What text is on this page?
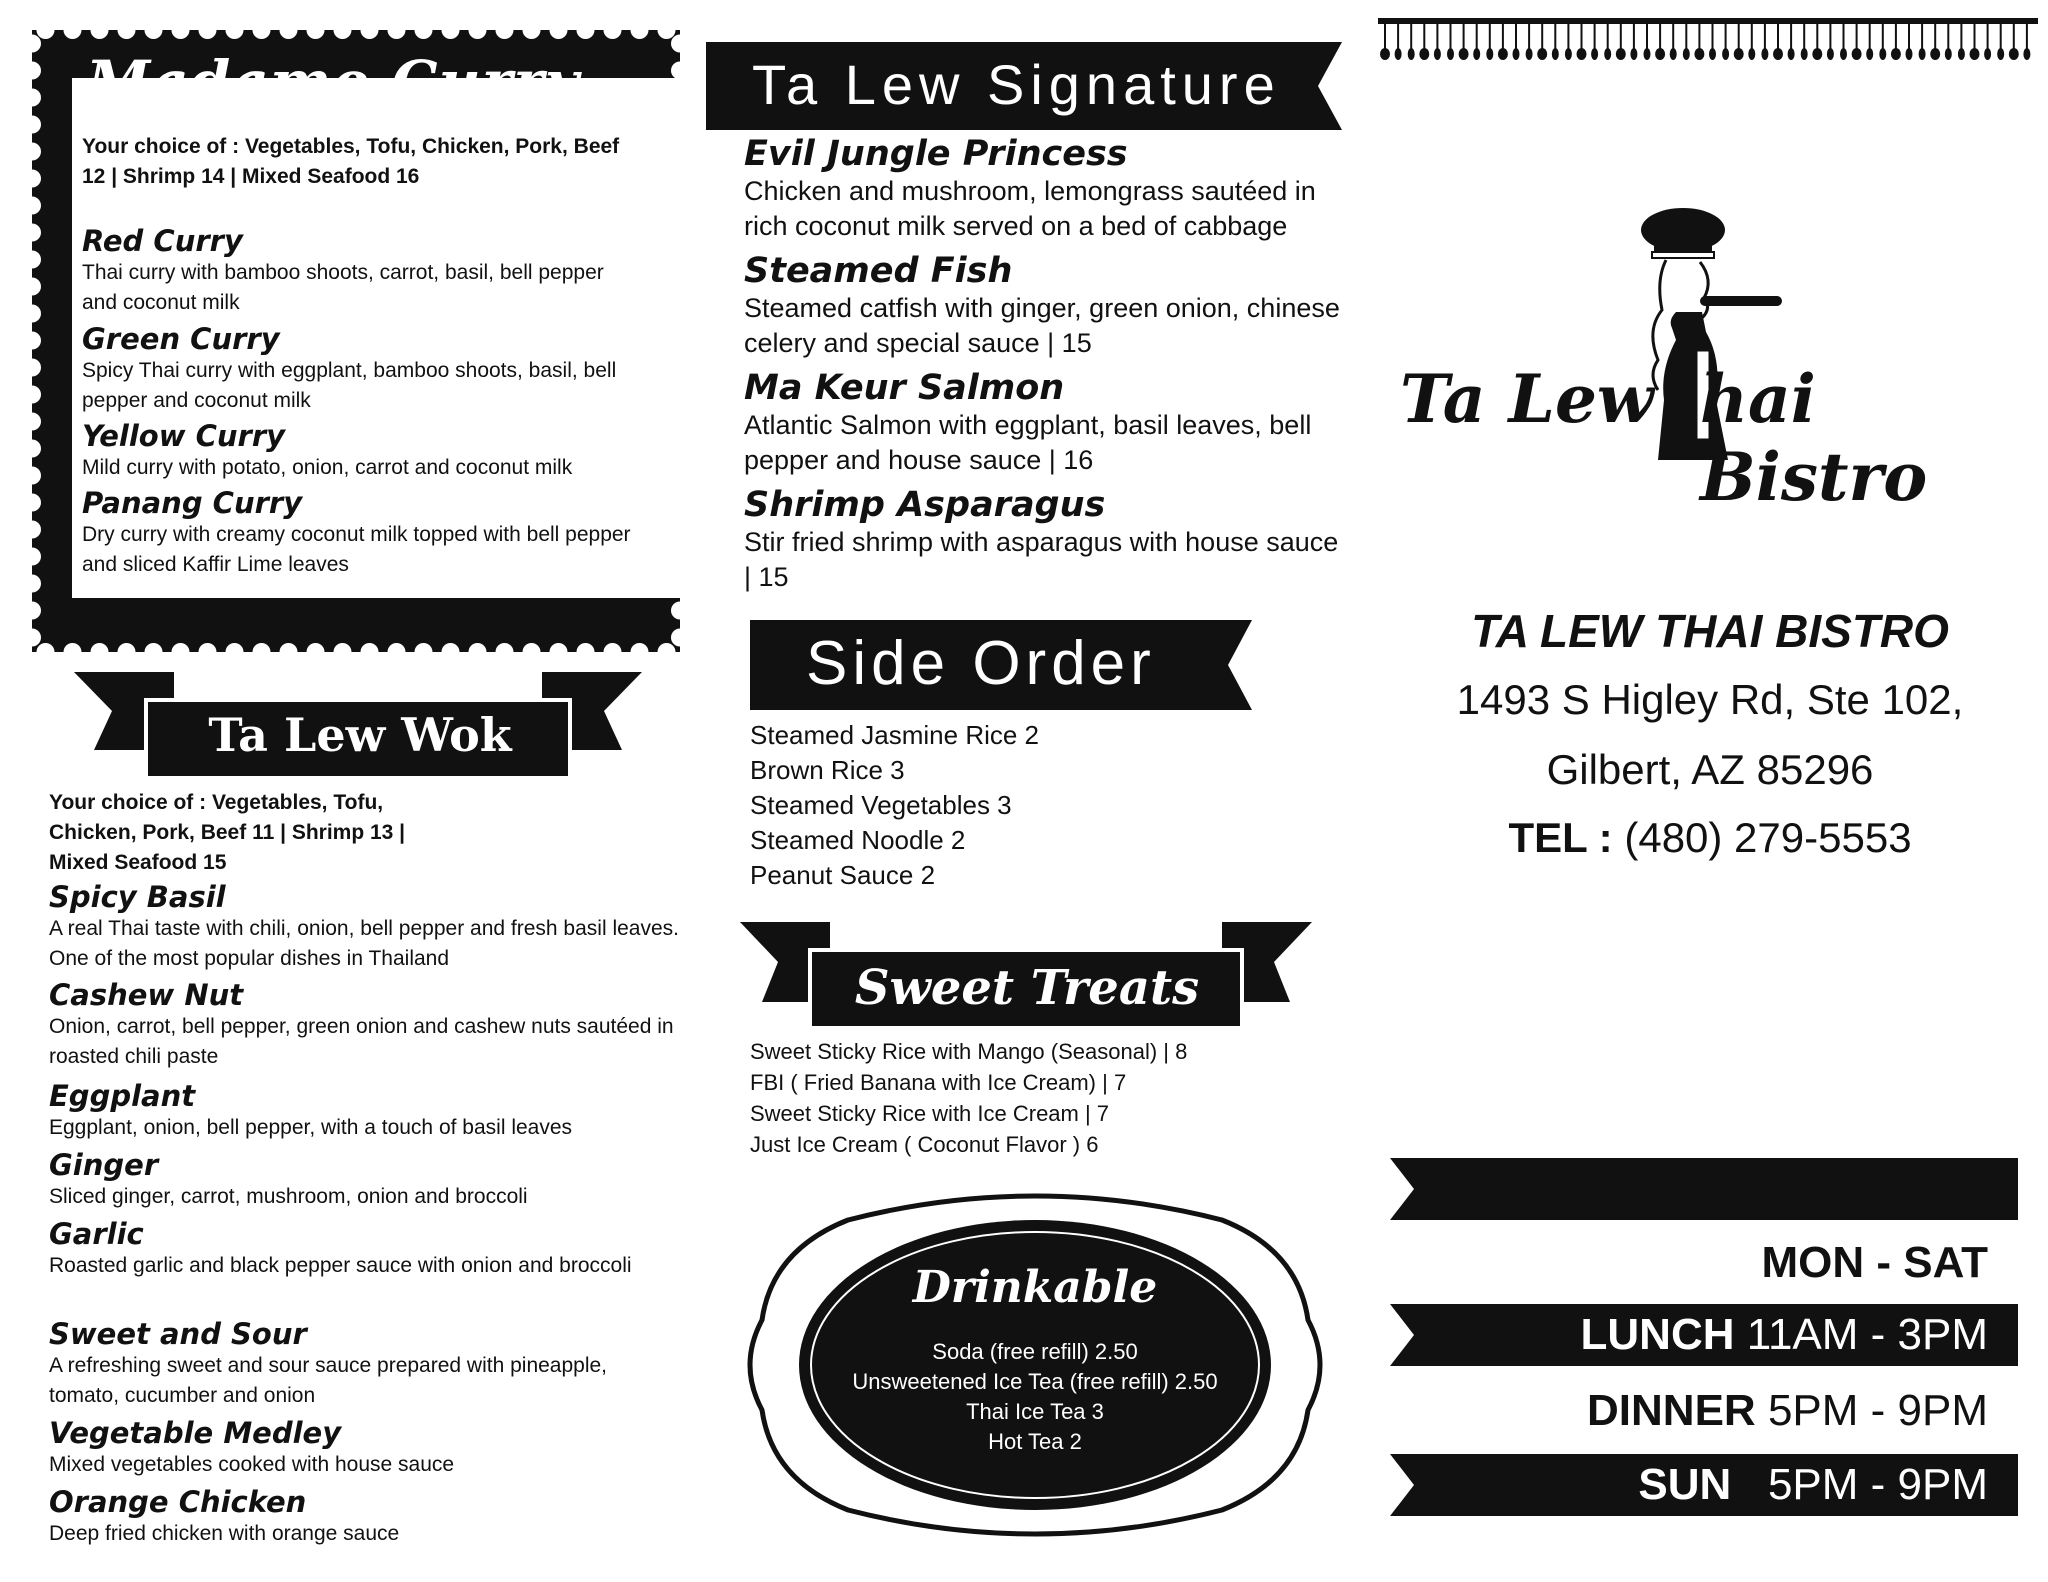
Madame Curry
Your choice of : Vegetables, Tofu, Chicken, Pork, Beef 12 | Shrimp 14 | Mixed Seafood 16
Red Curry
Thai curry with bamboo shoots, carrot, basil, bell pepper and coconut milk
Green Curry
Spicy Thai curry with eggplant, bamboo shoots, basil, bell pepper and coconut milk
Yellow Curry
Mild curry with potato, onion, carrot and coconut milk
Panang Curry
Dry curry with creamy coconut milk topped with bell pepper and sliced Kaffir Lime leaves
Ta Lew Wok
Your choice of : Vegetables, Tofu, Chicken, Pork, Beef 11 | Shrimp 13 | Mixed Seafood 15
Spicy Basil
A real Thai taste with chili, onion, bell pepper and fresh basil leaves. One of the most popular dishes in Thailand
Cashew Nut
Onion, carrot, bell pepper, green onion and cashew nuts sautéed in roasted chili paste
Eggplant
Eggplant, onion, bell pepper, with a touch of basil leaves
Ginger
Sliced ginger, carrot, mushroom, onion and broccoli
Garlic
Roasted garlic and black pepper sauce with onion and broccoli
Sweet and Sour
A refreshing sweet and sour sauce prepared with pineapple, tomato, cucumber and onion
Vegetable Medley
Mixed vegetables cooked with house sauce
Orange Chicken
Deep fried chicken with orange sauce
Ta Lew Signature
Evil Jungle Princess
Chicken and mushroom, lemongrass sautéed in rich coconut milk served on a bed of cabbage
Steamed Fish
Steamed catfish with ginger, green onion, chinese celery and special sauce | 15
Ma Keur Salmon
Atlantic Salmon with eggplant, basil leaves, bell pepper and house sauce | 16
Shrimp Asparagus
Stir fried shrimp with asparagus with house sauce | 15
Side Order
Steamed Jasmine Rice 2
Brown Rice 3
Steamed Vegetables 3
Steamed Noodle 2
Peanut Sauce 2
Sweet Treats
Sweet Sticky Rice with Mango (Seasonal) | 8
FBI ( Fried Banana with Ice Cream) | 7
Sweet Sticky Rice with Ice Cream | 7
Just Ice Cream ( Coconut Flavor ) 6
Drinkable
Soda (free refill) 2.50
Unsweetened Ice Tea (free refill) 2.50
Thai Ice Tea 3
Hot Tea 2
Ta Lew hai Bistro
TA LEW THAI BISTRO
1493 S Higley Rd, Ste 102,
Gilbert, AZ 85296
TEL : (480) 279-5553
MON - SAT
LUNCH 11AM - 3PM
DINNER 5PM - 9PM
SUN 5PM - 9PM
